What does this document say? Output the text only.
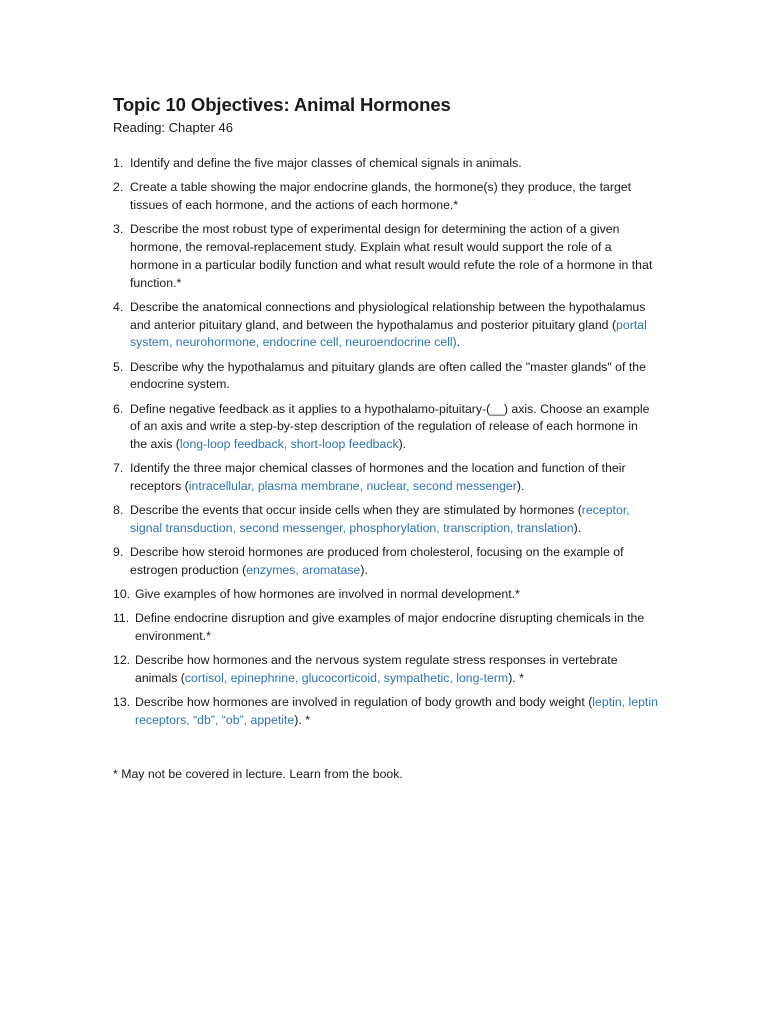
Topic 10 Objectives: Animal Hormones

Reading: Chapter 46

1. Identify and define the five major classes of chemical signals in animals.
2. Create a table showing the major endocrine glands, the hormone(s) they produce, the target tissues of each hormone, and the actions of each hormone.*
3. Describe the most robust type of experimental design for determining the action of a given hormone, the removal-replacement study. Explain what result would support the role of a hormone in a particular bodily function and what result would refute the role of a hormone in that function.*
4. Describe the anatomical connections and physiological relationship between the hypothalamus and anterior pituitary gland, and between the hypothalamus and posterior pituitary gland (portal system, neurohormone, endocrine cell, neuroendocrine cell).
5. Describe why the hypothalamus and pituitary glands are often called the "master glands" of the endocrine system.
6. Define negative feedback as it applies to a hypothalamo-pituitary-(__) axis. Choose an example of an axis and write a step-by-step description of the regulation of release of each hormone in the axis (long-loop feedback, short-loop feedback).
7. Identify the three major chemical classes of hormones and the location and function of their receptors (intracellular, plasma membrane, nuclear, second messenger).
8. Describe the events that occur inside cells when they are stimulated by hormones (receptor, signal transduction, second messenger, phosphorylation, transcription, translation).
9. Describe how steroid hormones are produced from cholesterol, focusing on the example of estrogen production (enzymes, aromatase).
10. Give examples of how hormones are involved in normal development.*
11. Define endocrine disruption and give examples of major endocrine disrupting chemicals in the environment.*
12. Describe how hormones and the nervous system regulate stress responses in vertebrate animals (cortisol, epinephrine, glucocorticoid, sympathetic, long-term). *
13. Describe how hormones are involved in regulation of body growth and body weight (leptin, leptin receptors, “db”, “ob”, appetite). *

* May not be covered in lecture. Learn from the book.
